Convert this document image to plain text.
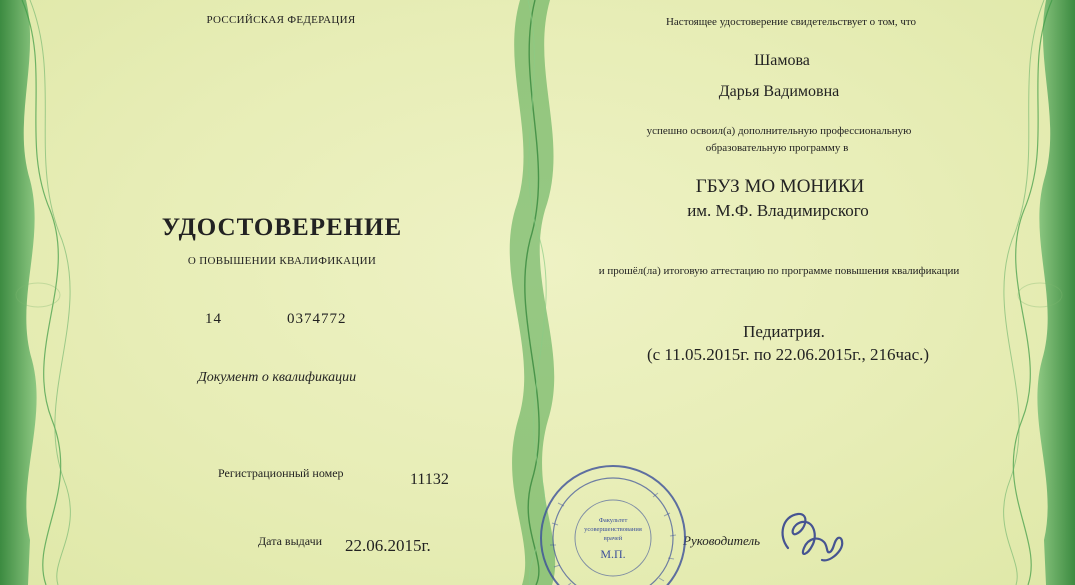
РОССИЙСКАЯ ФЕДЕРАЦИЯ
УДОСТОВЕРЕНИЕ
О ПОВЫШЕНИИ КВАЛИФИКАЦИИ
14	0374772
Документ о квалификации
Регистрационный номер	11132
Дата выдачи 22.06.2015г.
Настоящее удостоверение свидетельствует о том, что
Шамова
Дарья Вадимовна
успешно освоил(а) дополнительную профессиональную
образовательную программу в
ГБУЗ МО МОНИКИ
им. М.Ф. Владимирского
и прошёл(ла) итоговую аттестацию по программе повышения квалификации
Педиатрия.
(с 11.05.2015г. по 22.06.2015г., 216час.)
Руководитель
Факультет
усовершенствования
врачей
М.П.
